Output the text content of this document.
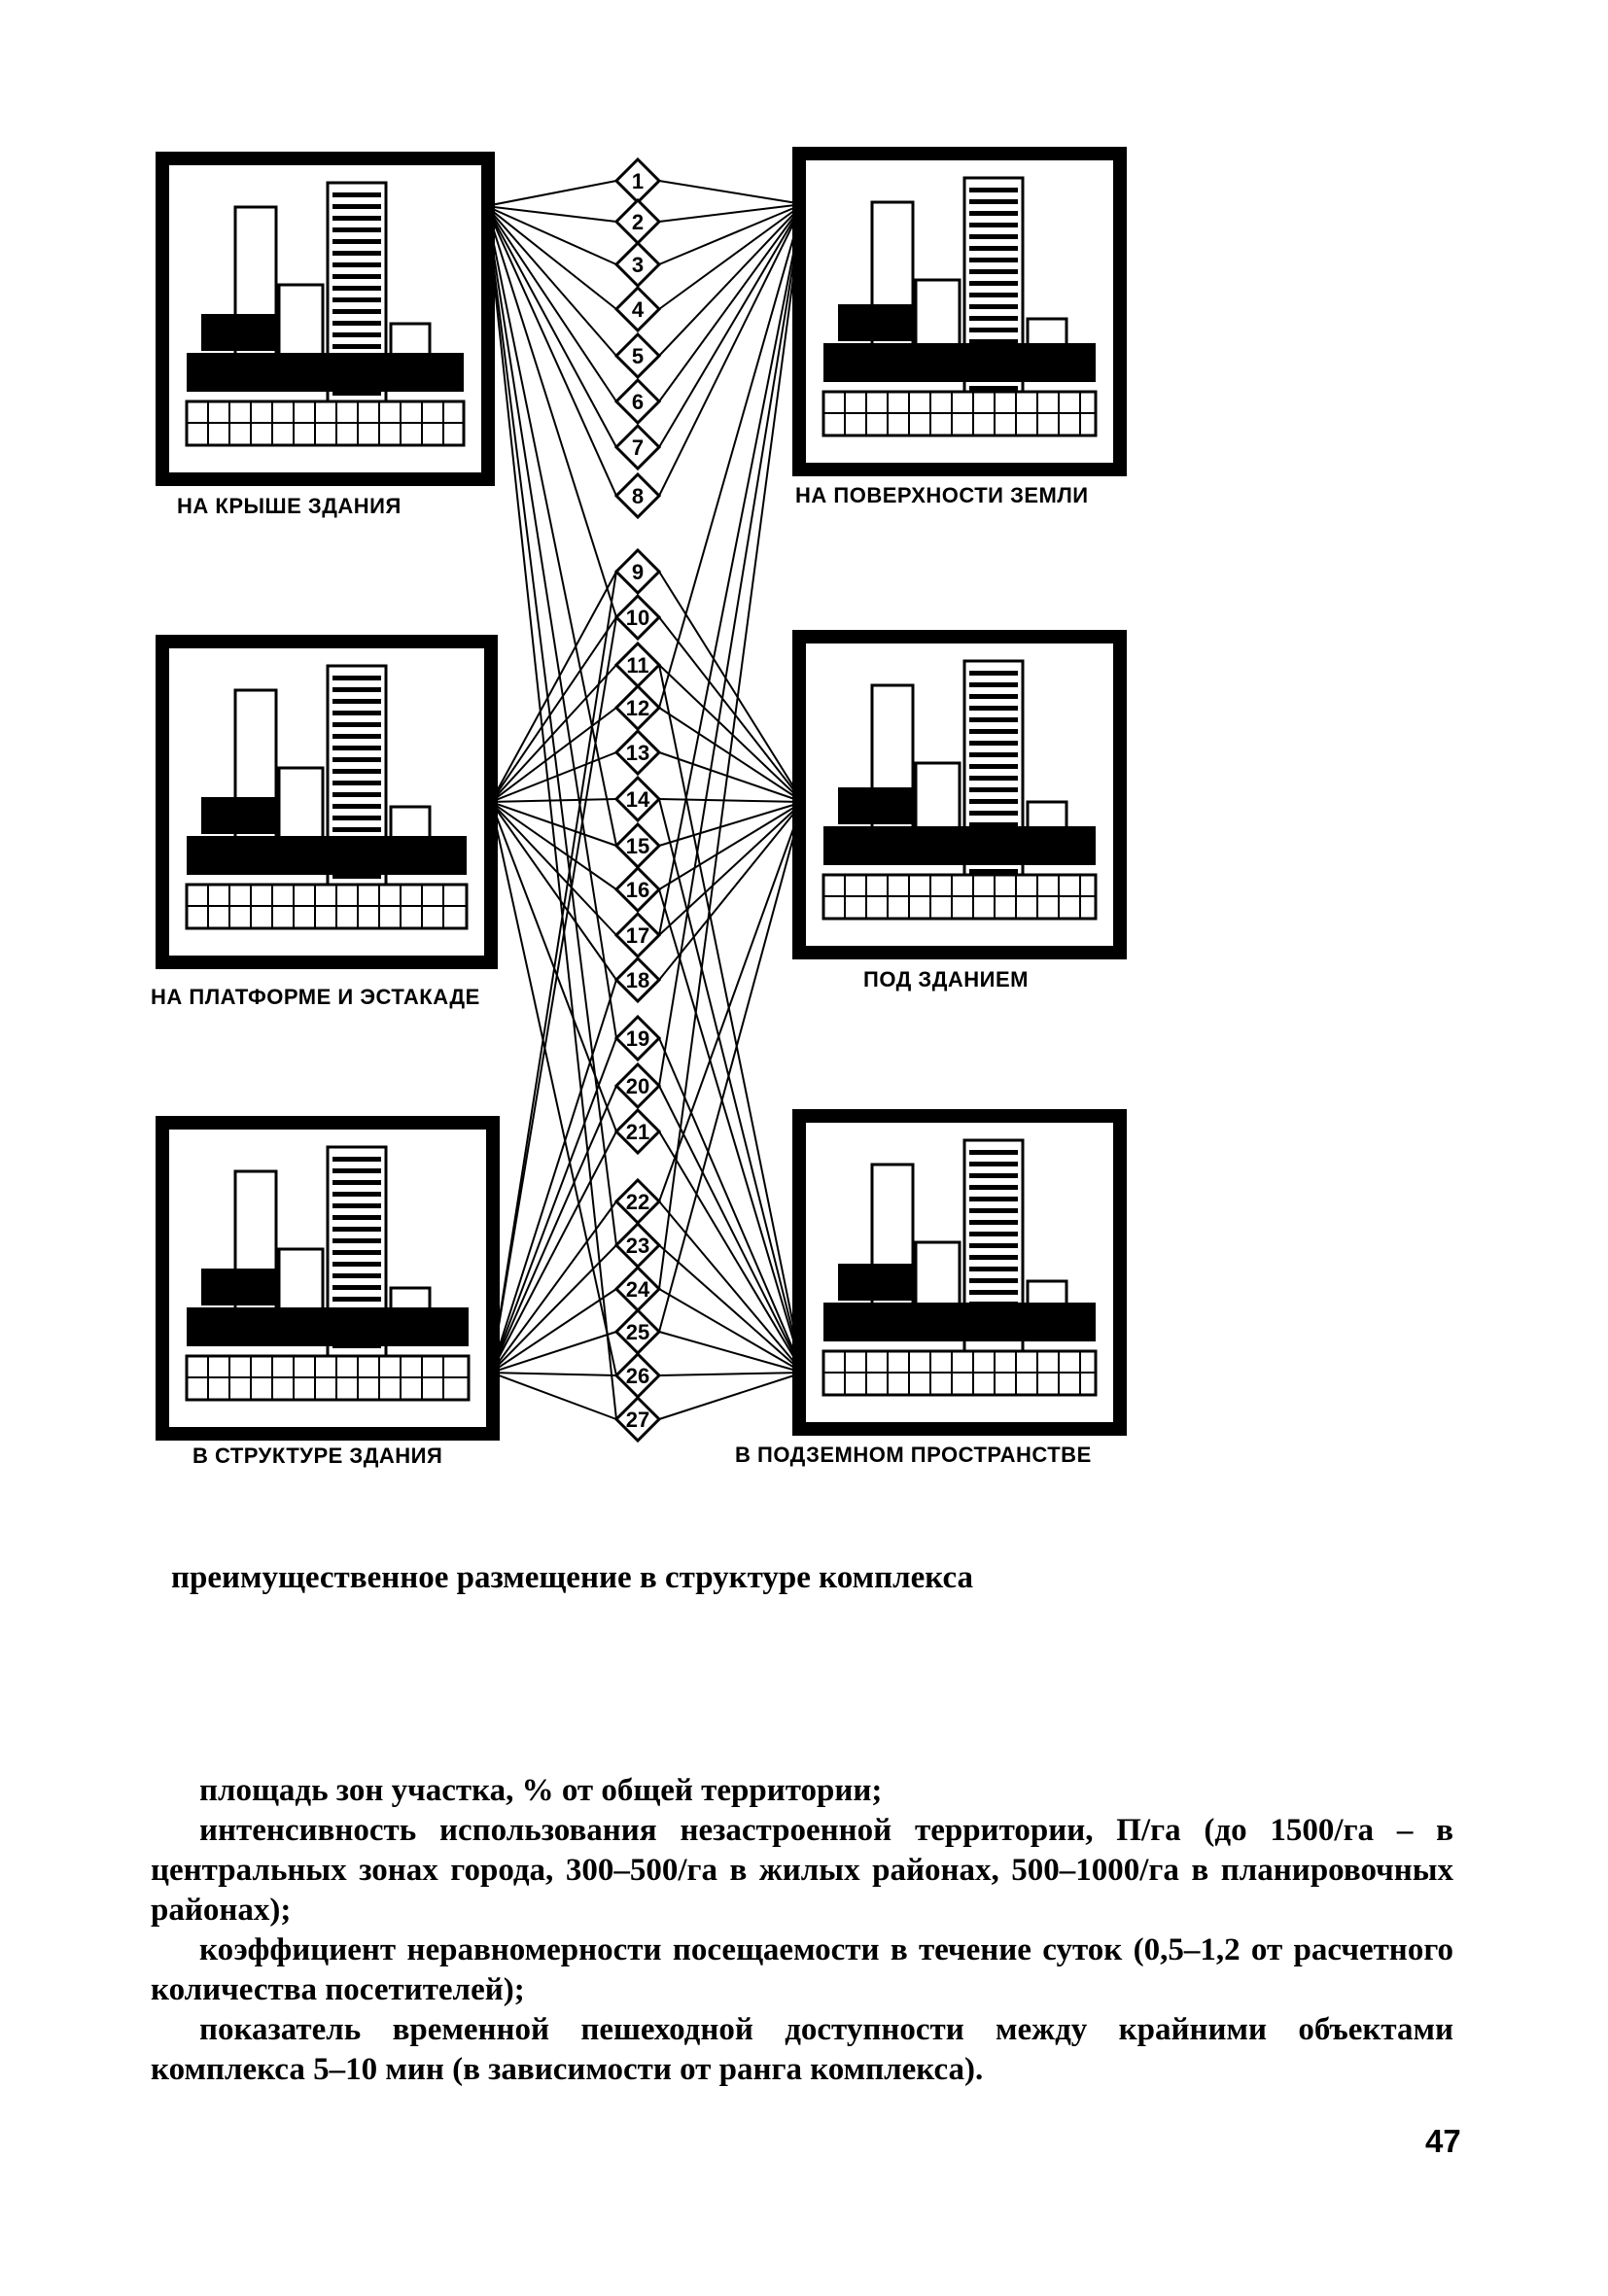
1
2
3
4
5
6
7
8
9
10
11
12
13
14
15
16
17
18
19
20
21
22
23
24
25
26
27
НА КРЫШЕ ЗДАНИЯ	НА ПОВЕРХНОСТИ ЗЕМЛИ
НА ПЛАТФОРМЕ И ЭСТАКАДЕ
ПОД ЗДАНИЕМ
В СТРУКТУРЕ ЗДАНИЯ	В ПОДЗЕМНОМ ПРОСТРАНСТВЕ
преимущественное размещение в структуре комплекса

площадь зон участка, % от общей территории;

интенсивность использования незастроенной территории, П/га (до 1500/га – в центральных зонах города, 300–500/га в жилых районах, 500–1000/га в планировочных районах);

коэффициент неравномерности посещаемости в течение суток (0,5–1,2 от расчетного количества посетителей);

показатель временной пешеходной доступности между крайними объектами комплекса 5–10 мин (в зависимости от ранга комплекса).

47
